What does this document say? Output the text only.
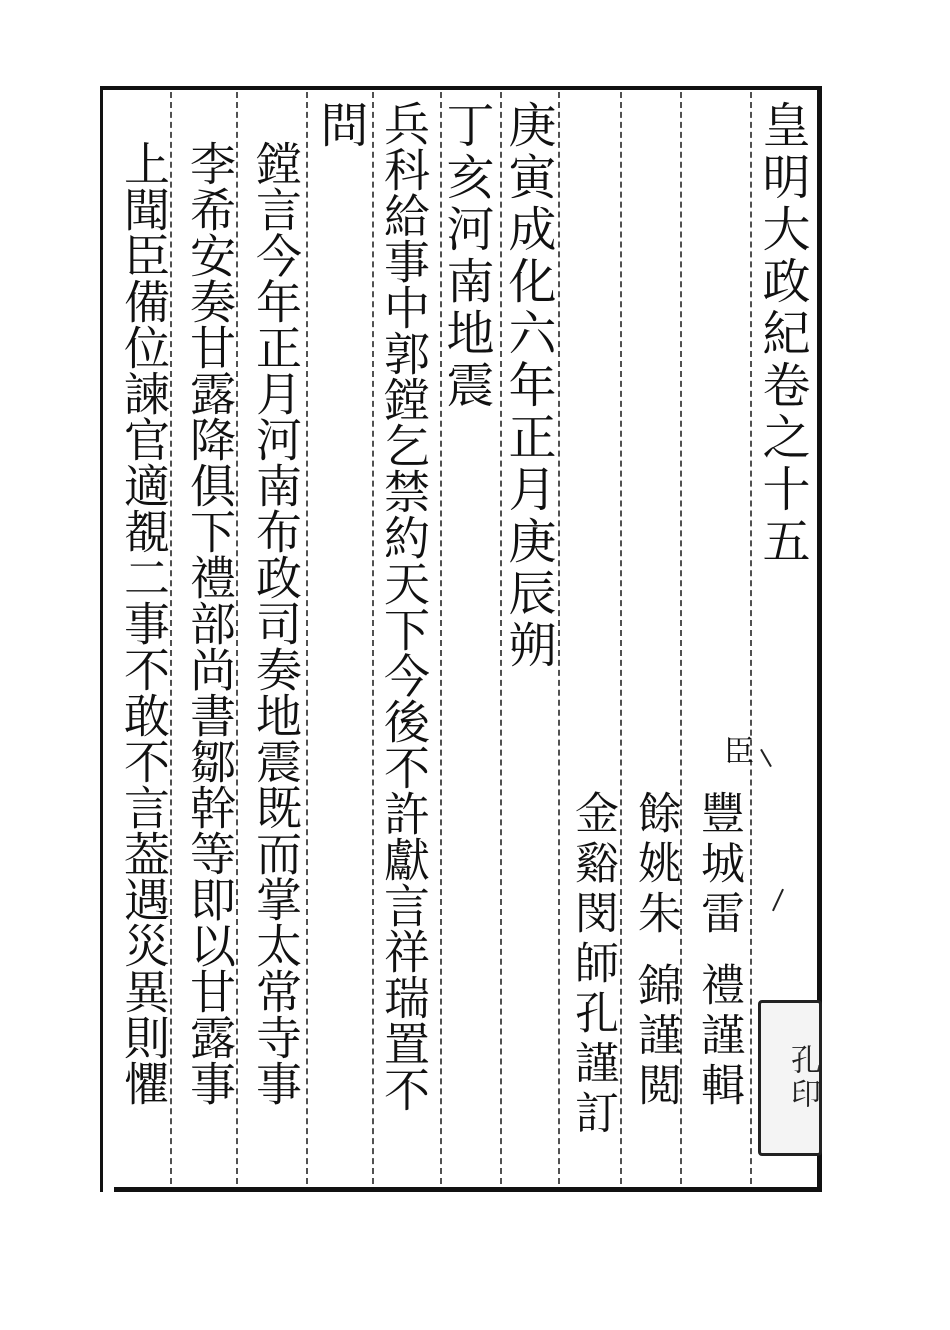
皇明大政紀卷之十五
臣
豐城雷
禮謹輯
餘姚朱
錦謹閲
金谿閔師孔謹訂
庚寅成化六年正月庚辰朔
丁亥河南地震
兵科給事中郭鏜乞禁約天下今後不許獻言祥瑞置不
問
鏜言今年正月河南布政司奏地震既而掌太常寺事
李希安奏甘露降俱下禮部尚書鄒幹等即以甘露事
上聞臣備位諫官適覩二事不敢不言葢遇災異則懼	孔印
